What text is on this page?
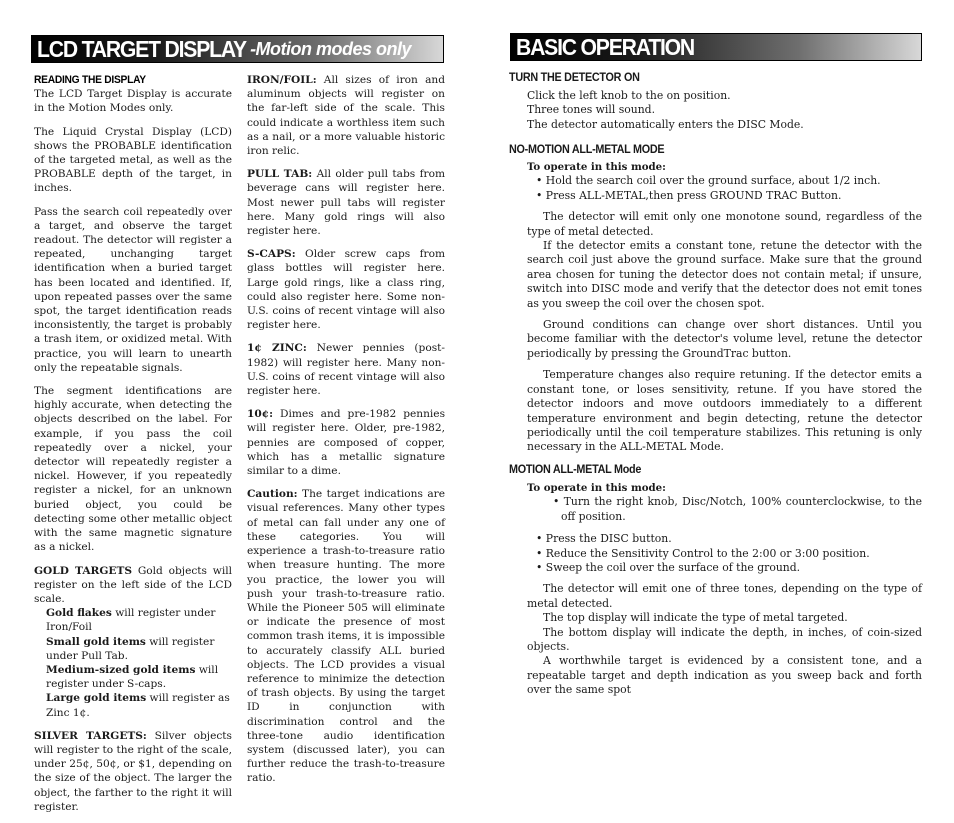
LCD TARGET DISPLAY -Motion modes only
READING THE DISPLAY

The LCD Target Display is accurate in the Motion Modes only.

The Liquid Crystal Display (LCD) shows the PROBABLE identification of the targeted metal, as well as the PROBABLE depth of the target, in inches.

Pass the search coil repeatedly over a target, and observe the target readout. The detector will register a repeated, unchanging target identification when a buried target has been located and identified. If, upon repeated passes over the same spot, the target identification reads inconsistently, the target is probably a trash item, or oxidized metal. With practice, you will learn to unearth only the repeatable signals.

The segment identifications are highly accurate, when detecting the objects described on the label. For example, if you pass the coil repeatedly over a nickel, your detector will repeatedly register a nickel. However, if you repeatedly register a nickel, for an unknown buried object, you could be detecting some other metallic object with the same magnetic signature as a nickel.

GOLD TARGETS Gold objects will register on the left side of the LCD scale.

Gold flakes will register under Iron/Foil

Small gold items will register under Pull Tab.

Medium-sized gold items will register under S-caps.

Large gold items will register as Zinc 1¢.

SILVER TARGETS: Silver objects will register to the right of the scale, under 25¢, 50¢, or $1, depending on the size of the object. The larger the object, the farther to the right it will register.

IRON/FOIL: All sizes of iron and aluminum objects will register on the far-left side of the scale. This could indicate a worthless item such as a nail, or a more valuable historic iron relic.

PULL TAB: All older pull tabs from beverage cans will register here. Most newer pull tabs will register here. Many gold rings will also register here.

S-CAPS: Older screw caps from glass bottles will register here. Large gold rings, like a class ring, could also register here. Some non-U.S. coins of recent vintage will also register here.

1¢ ZINC: Newer pennies (post-1982) will register here. Many non-U.S. coins of recent vintage will also register here.

10¢: Dimes and pre-1982 pennies will register here. Older, pre-1982, pennies are composed of copper, which has a metallic signature similar to a dime.

Caution: The target indications are visual references. Many other types of metal can fall under any one of these categories. You will experience a trash-to-treasure ratio when treasure hunting. The more you practice, the lower you will push your trash-to-treasure ratio. While the Pioneer 505 will eliminate or indicate the presence of most common trash items, it is impossible to accurately classify ALL buried objects. The LCD provides a visual reference to minimize the detection of trash objects. By using the target ID in conjunction with discrimination control and the three-tone audio identification system (discussed later), you can further reduce the trash-to-treasure ratio.

BASIC OPERATION
TURN THE DETECTOR ON
Click the left knob to the on position.
Three tones will sound.
The detector automatically enters the DISC Mode.
NO-MOTION ALL-METAL MODE
To operate in this mode:
• Hold the search coil over the ground surface, about 1/2 inch.
• Press ALL-METAL,then press GROUND TRAC Button.
The detector will emit only one monotone sound, regardless of the type of metal detected.
If the detector emits a constant tone, retune the detector with the search coil just above the ground surface. Make sure that the ground area chosen for tuning the detector does not contain metal; if unsure, switch into DISC mode and verify that the detector does not emit tones as you sweep the coil over the chosen spot.
Ground conditions can change over short distances. Until you become familiar with the detector's volume level, retune the detector periodically by pressing the GroundTrac button.
Temperature changes also require retuning. If the detector emits a constant tone, or loses sensitivity, retune. If you have stored the detector indoors and move outdoors immediately to a different temperature environment and begin detecting, retune the detector periodically until the coil temperature stabilizes. This retuning is only necessary in the ALL-METAL Mode.
MOTION ALL-METAL Mode
To operate in this mode:
• Turn the right knob, Disc/Notch, 100% counterclockwise, to the off position.
• Press the DISC button.
• Reduce the Sensitivity Control to the 2:00 or 3:00 position.
• Sweep the coil over the surface of the ground.
The detector will emit one of three tones, depending on the type of metal detected.
The top display will indicate the type of metal targeted.
The bottom display will indicate the depth, in inches, of coin-sized objects.
A worthwhile target is evidenced by a consistent tone, and a repeatable target and depth indication as you sweep back and forth over the same spot
